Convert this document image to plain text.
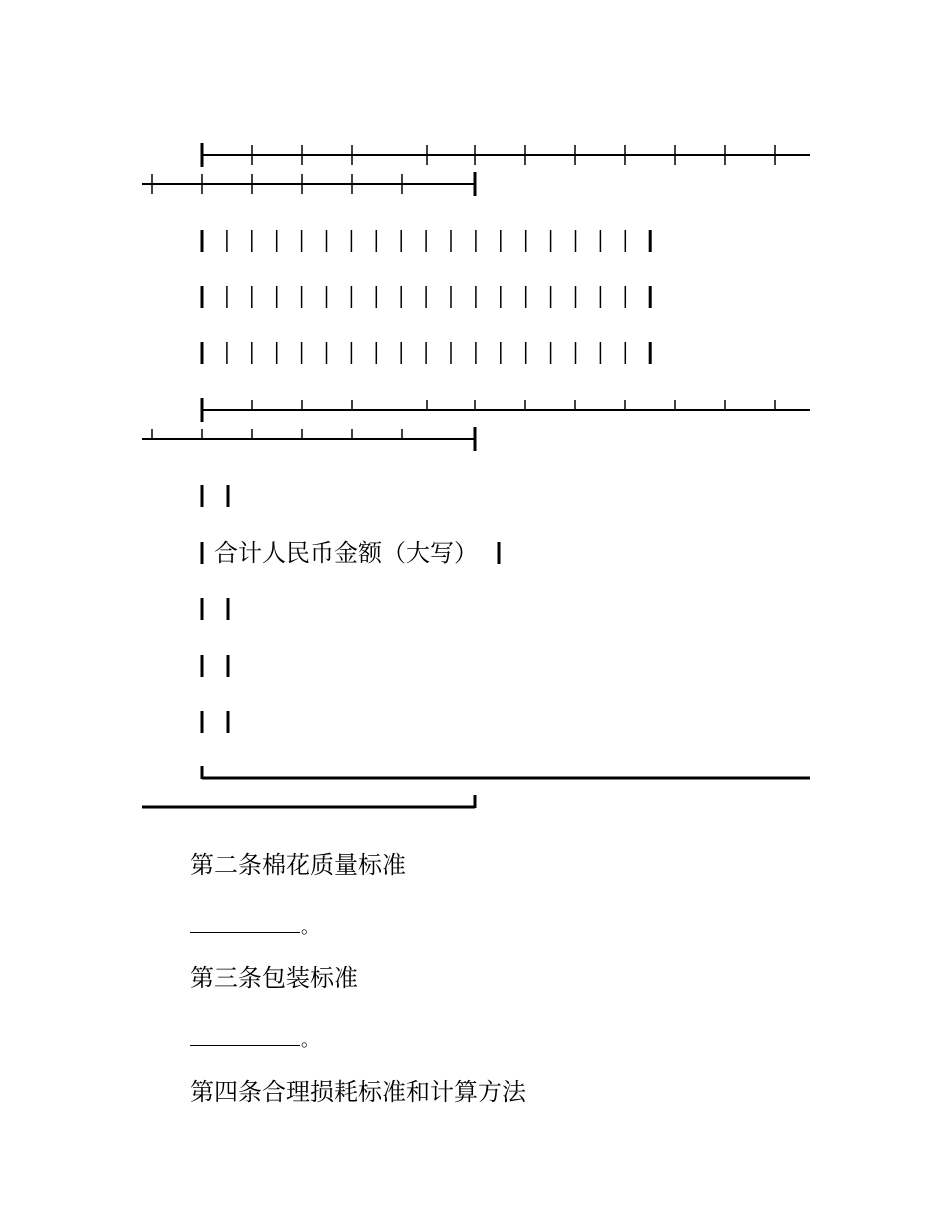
合计人民币金额（大写）
第二条棉花质量标准
。
第三条包装标准
。
第四条合理损耗标准和计算方法
